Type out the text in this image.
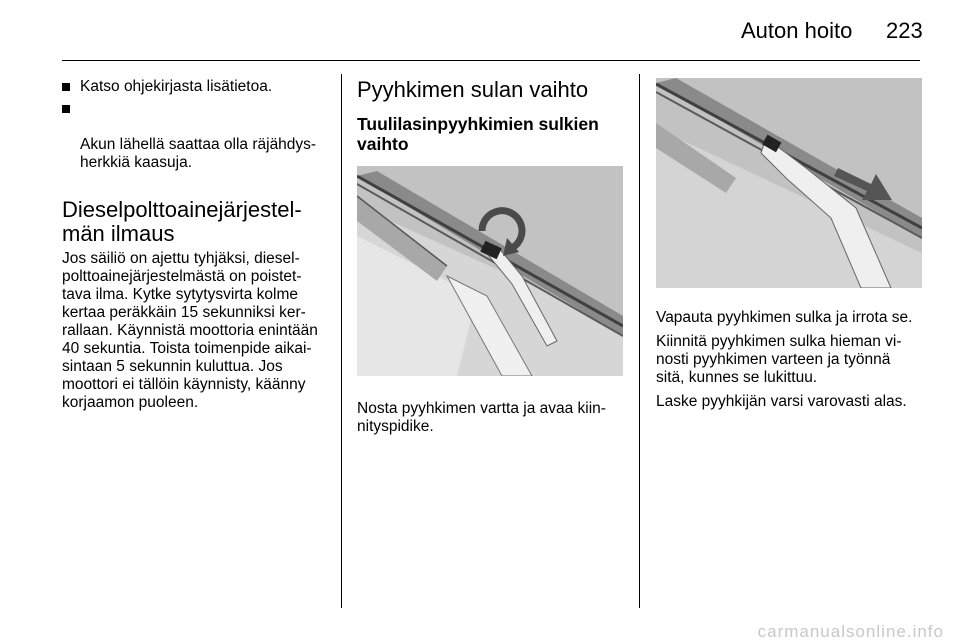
Auton hoito 223
Katso ohjekirjasta lisätietoa.

Akun lähellä saattaa olla räjähdys-
herkkiä kaasuja.

Dieselpolttoainejärjestel-
män ilmaus

Jos säiliö on ajettu tyhjäksi, diesel-
polttoainejärjestelmästä on poistet-
tava ilma. Kytke sytytysvirta kolme
kertaa peräkkäin 15 sekunniksi ker-
rallaan. Käynnistä moottoria enintään
40 sekuntia. Toista toimenpide aikai-
sintaan 5 sekunnin kuluttua. Jos
moottori ei tällöin käynnisty, käänny
korjaamon puoleen.

Pyyhkimen sulan vaihto
Tuulilasinpyyhkimien sulkien
vaihto

Nosta pyyhkimen vartta ja avaa kiin-
nityspidike.

Vapauta pyyhkimen sulka ja irrota se.

Kiinnitä pyyhkimen sulka hieman vi-
nosti pyyhkimen varteen ja työnnä
sitä, kunnes se lukittuu.

Laske pyyhkijän varsi varovasti alas.

carmanualsonline.info
